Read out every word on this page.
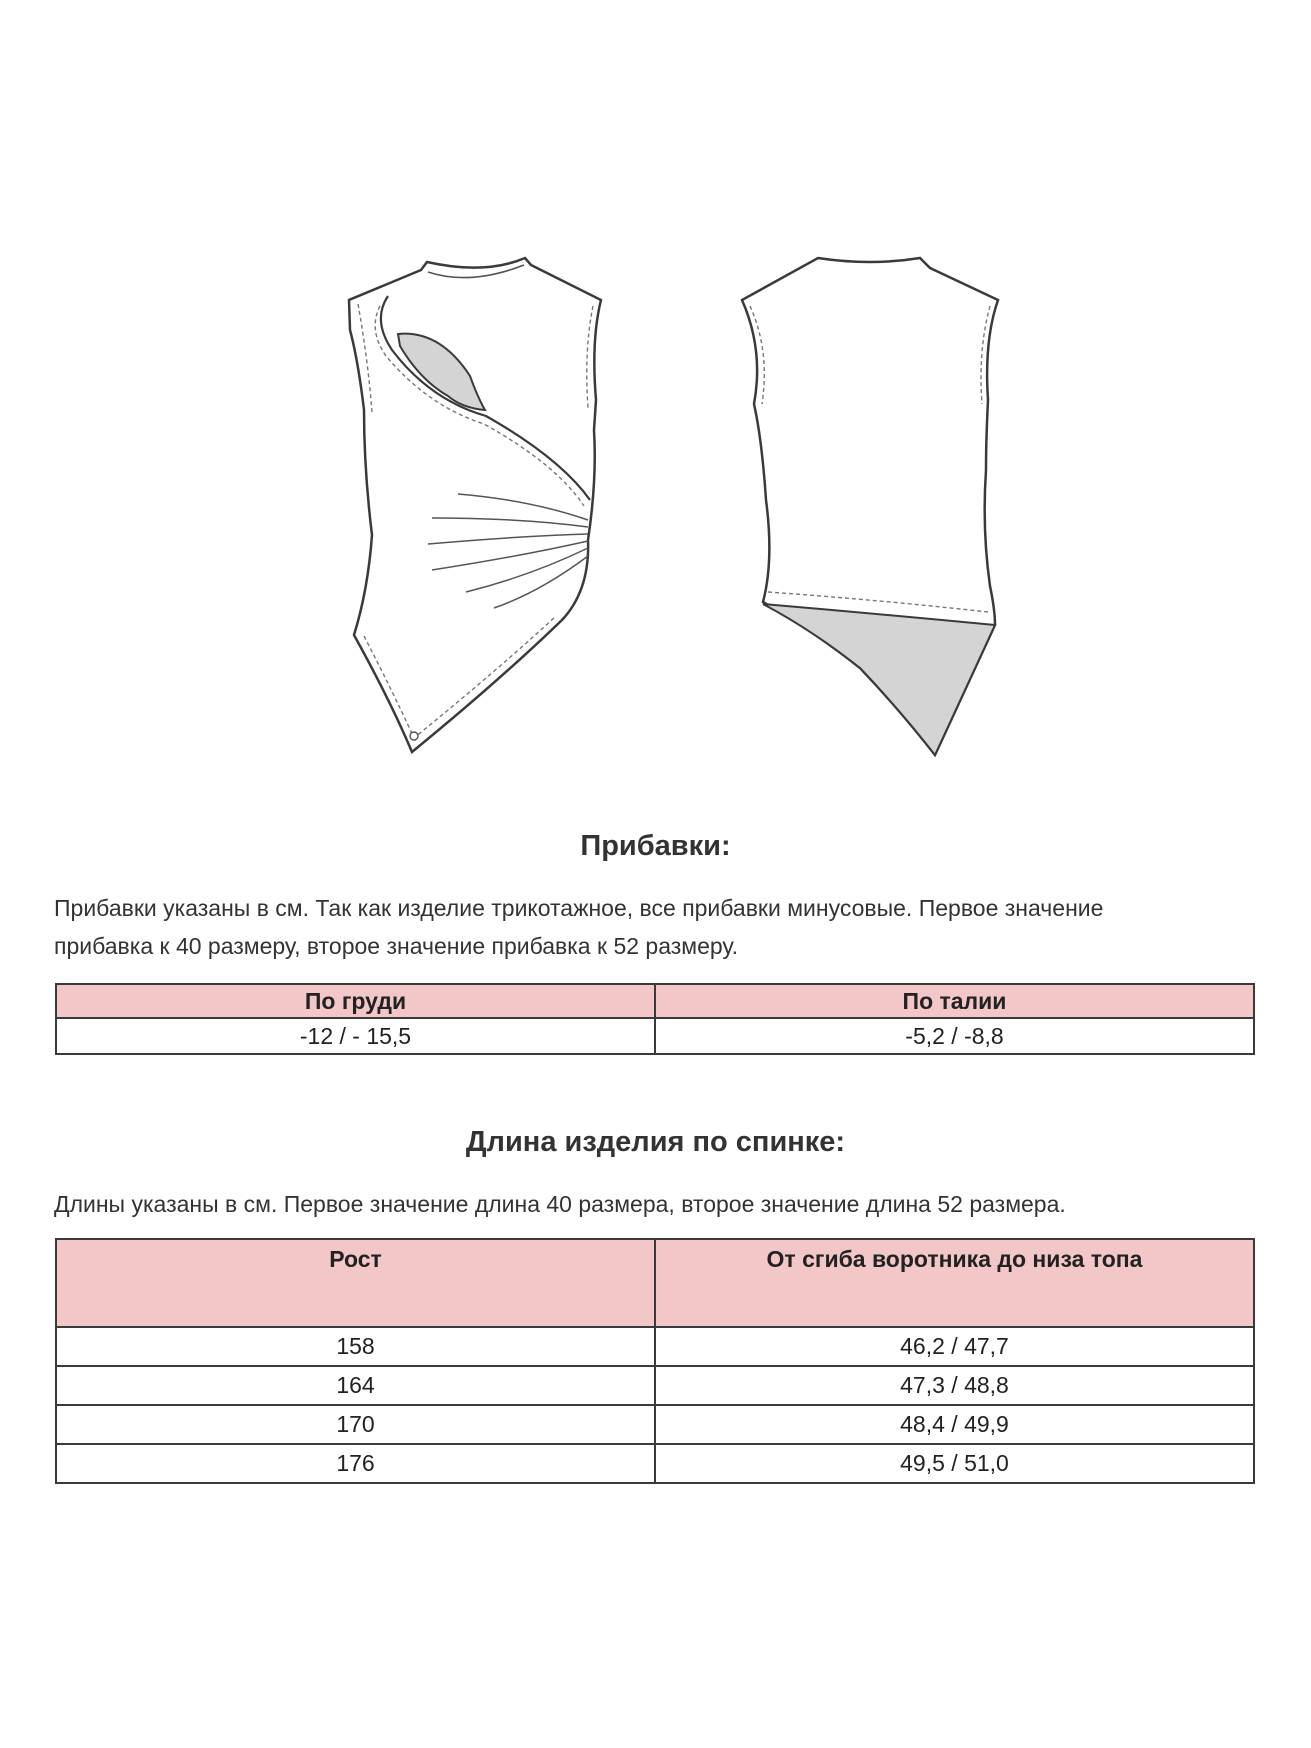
Прибавки:

Прибавки указаны в см. Так как изделие трикотажное, все прибавки минусовые. Первое значение

прибавка к 40 размеру, второе значение прибавка к 52 размеру.

По груди	По талии
-12 / - 15,5	-5,2 / -8,8
Длина изделия по спинке:

Длины указаны в см. Первое значение длина 40 размера, второе значение длина 52 размера.

Рост	От сгиба воротника до низа топа
158	46,2 / 47,7
164	47,3 / 48,8
170	48,4 / 49,9
176	49,5 / 51,0
